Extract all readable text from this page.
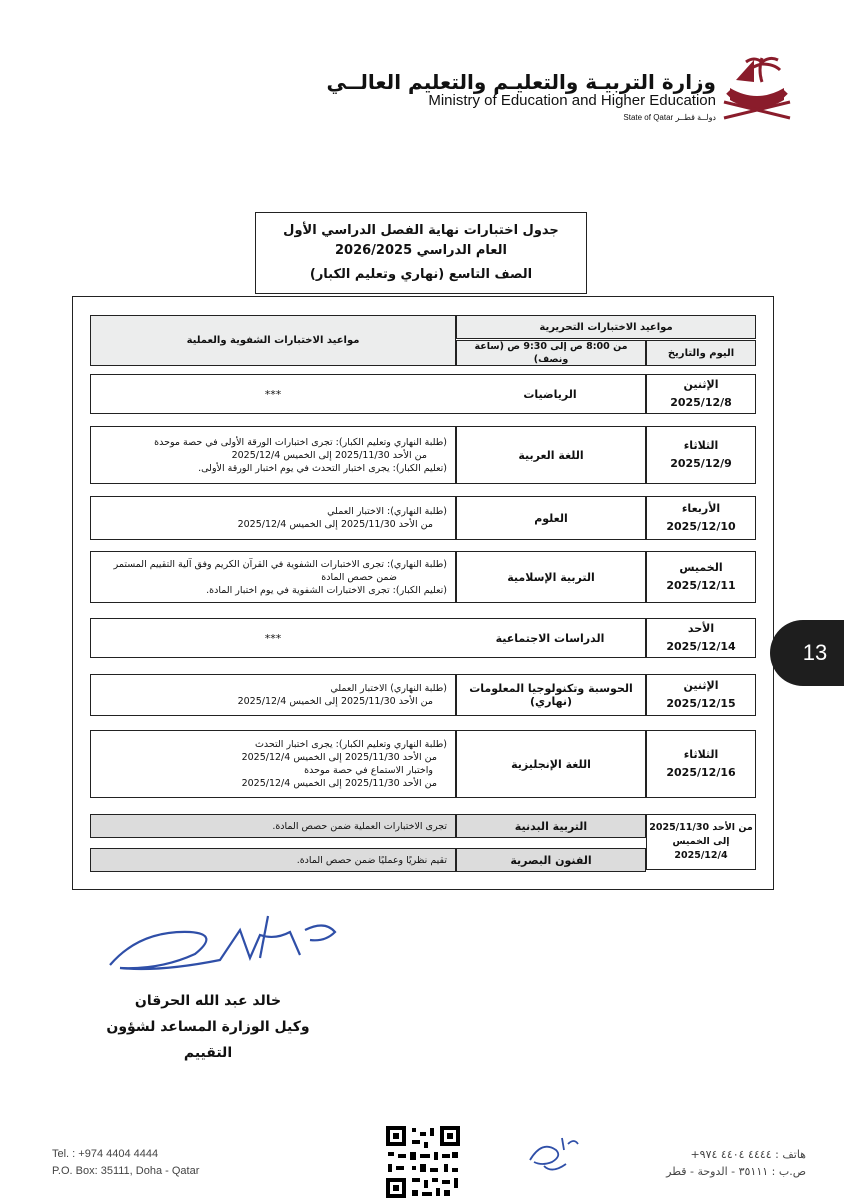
وزارة التربيـة والتعليـم والتعليم العالــي
Ministry of Education and Higher Education
State of Qatar دولــة قطــر
جدول اختبارات نهاية الفصل الدراسي الأول
العام الدراسي 2026/2025
الصف التاسع (نهاري وتعليم الكبار)
مواعيد الاختبارات التحريرية
اليوم والتاريخ
من 8:00 ص إلى 9:30 ص (ساعة ونصف)
مواعيد الاختبارات الشفوية والعملية
الإثنين
2025/12/8
الرياضيات
***
الثلاثاء
2025/12/9
اللغة العربية
(طلبة النهاري وتعليم الكبار): تجرى اختبارات الورقة الأولى في حصة موحدة
من الأحد 2025/11/30 إلى الخميس 2025/12/4
(تعليم الكبار): يجرى اختبار التحدث في يوم اختبار الورقة الأولى.
الأربعاء
2025/12/10
العلوم
(طلبة النهاري): الاختبار العملي
من الأحد 2025/11/30 إلى الخميس 2025/12/4
الخميس
2025/12/11
التربية الإسلامية
(طلبة النهاري): تجرى الاختبارات الشفوية في القرآن الكريم وفق آلية التقييم المستمر
ضمن حصص المادة
(تعليم الكبار): تجرى الاختبارات الشفوية في يوم اختبار المادة.
الأحد
2025/12/14
الدراسات الاجتماعية
***
الإثنين
2025/12/15
الحوسبة وتكنولوجيا المعلومات (نهاري)
(طلبة النهاري) الاختبار العملي
من الأحد 2025/11/30 إلى الخميس 2025/12/4
الثلاثاء
2025/12/16
اللغة الإنجليزية
(طلبة النهاري وتعليم الكبار): يجرى اختبار التحدث
من الأحد 2025/11/30 إلى الخميس 2025/12/4
واختبار الاستماع في حصة موحدة
من الأحد 2025/11/30 إلى الخميس 2025/12/4
من الأحد 2025/11/30
إلى الخميس 2025/12/4
التربية البدنية
تجرى الاختبارات العملية ضمن حصص المادة.
الفنون البصرية
تقيم نظريًا وعمليًا ضمن حصص المادة.
13
خالد عبد الله الحرقان
وكيل الوزارة المساعد لشؤون التقييم
Tel. : +974 4404 4444
P.O. Box: 35111, Doha - Qatar
هاتف : ٤٤٤٤ ٤٤٠٤ ٩٧٤+
ص.ب : ٣٥١١١ - الدوحة - قطر
